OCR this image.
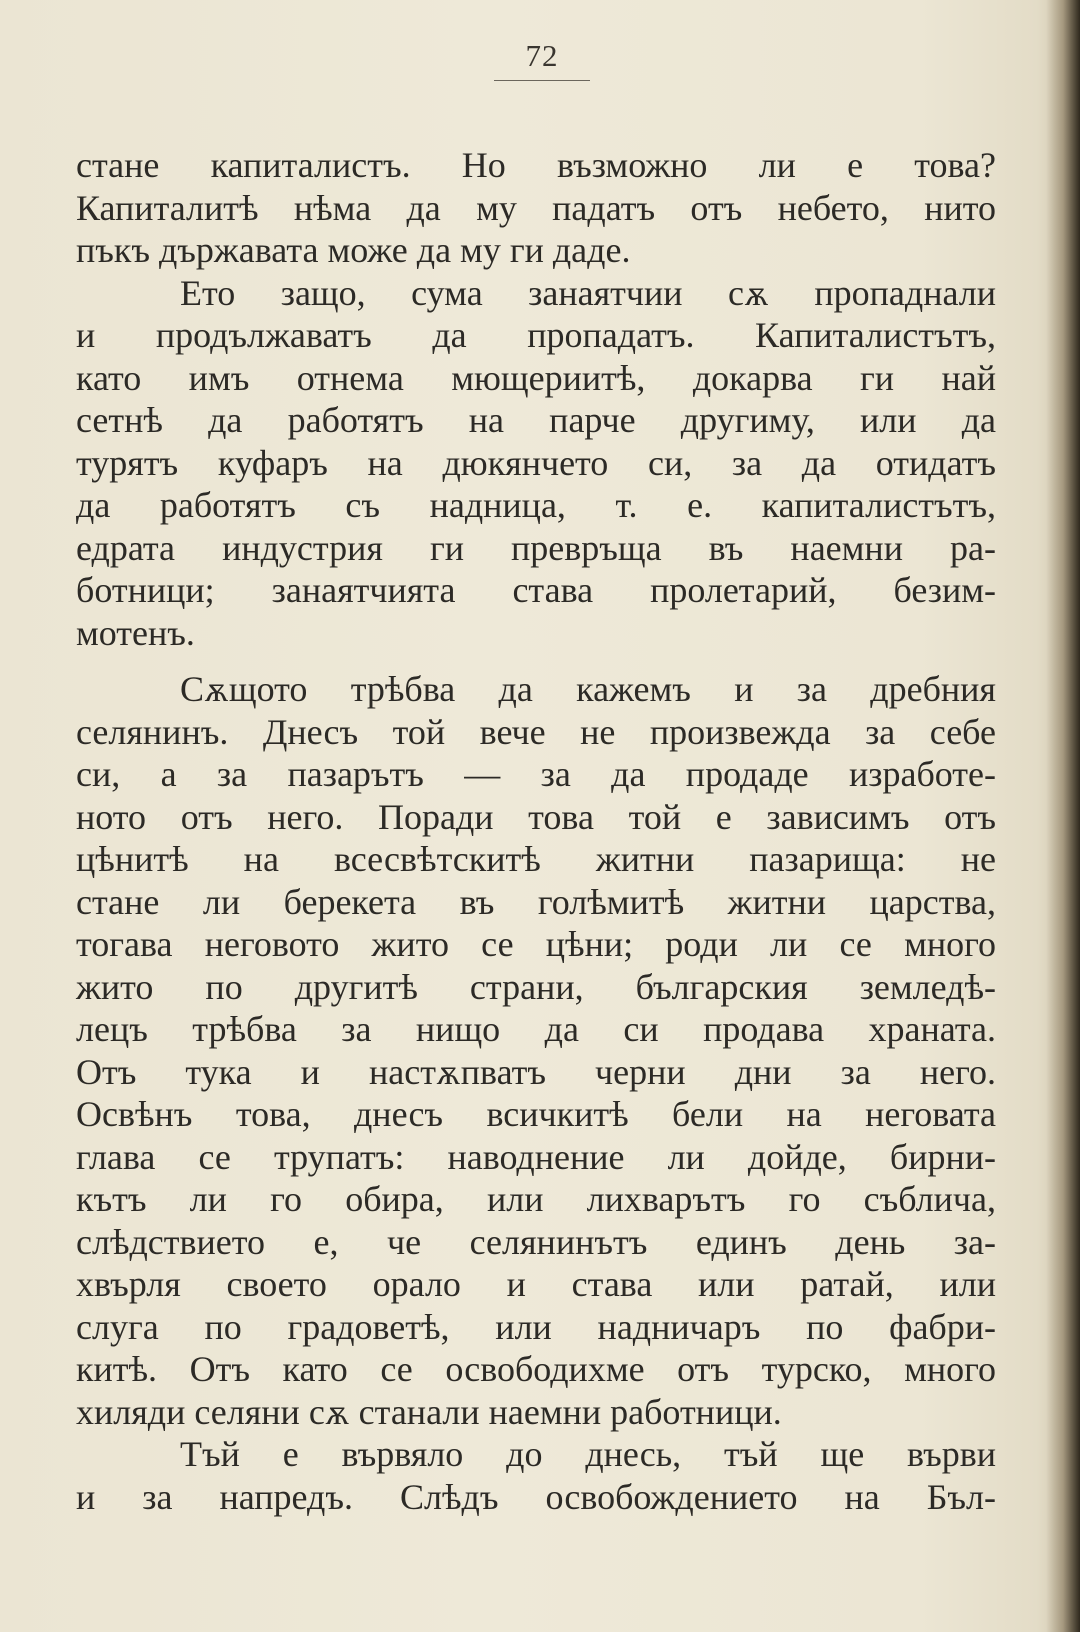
72
стане капиталистъ. Но възможно ли е това?
Капиталитѣ нѣма да му падатъ отъ небето, нито
пъкъ държавата може да му ги даде.
Ето защо, сума занаятчии сѫ пропаднали
и продължаватъ да пропадатъ. Капиталистътъ,
като имъ отнема мющериитѣ, докарва ги най
сетнѣ да работятъ на парче другиму, или да
турятъ куфаръ на дюкянчето си, за да отидатъ
да работятъ съ надница, т. е. капиталистътъ,
едрата индустрия ги превръща въ наемни ра-
ботници; занаятчията става пролетарий, безим-
мотенъ.
Сѫщото трѣбва да кажемъ и за дребния
селянинъ. Днесъ той вече не произвежда за себе
си, а за пазарътъ — за да продаде изработе-
ното отъ него. Поради това той е зависимъ отъ
цѣнитѣ на всесвѣтскитѣ житни пазарища: не
стане ли берекета въ голѣмитѣ житни царства,
тогава неговото жито се цѣни; роди ли се много
жито по другитѣ страни, българския земледѣ-
лецъ трѣбва за нищо да си продава храната.
Отъ тука и настѫпватъ черни дни за него.
Освѣнъ това, днесъ всичкитѣ бели на неговата
глава се трупатъ: наводнение ли дойде, бирни-
кътъ ли го обира, или лихварътъ го съблича,
слѣдствието е, че селянинътъ единъ день за-
хвърля своето орало и става или ратай, или
слуга по градоветѣ, или надничаръ по фабри-
китѣ. Отъ като се освободихме отъ турско, много
хиляди селяни сѫ станали наемни работници.
Тъй е вървяло до днесь, тъй ще върви
и за напредъ. Слѣдъ освобождението на Бъл-
